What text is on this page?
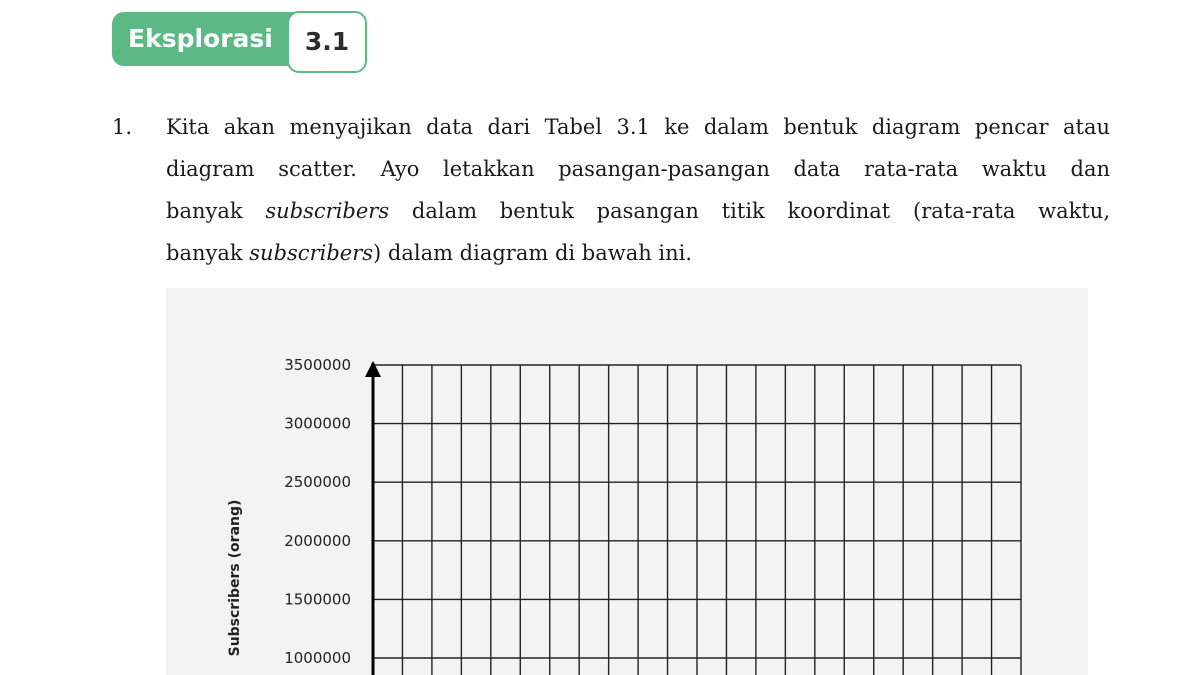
Eksplorasi	3.1
1. Kita akan menyajikan data dari Tabel 3.1 ke dalam bentuk diagram pencar atau
diagram scatter. Ayo letakkan pasangan-pasangan data rata-rata waktu dan
banyak subscribers dalam bentuk pasangan titik koordinat (rata-rata waktu,
banyak subscribers) dalam diagram di bawah ini.
3500000
3000000
2500000
2000000
1500000
1000000
Subscribers (orang)
